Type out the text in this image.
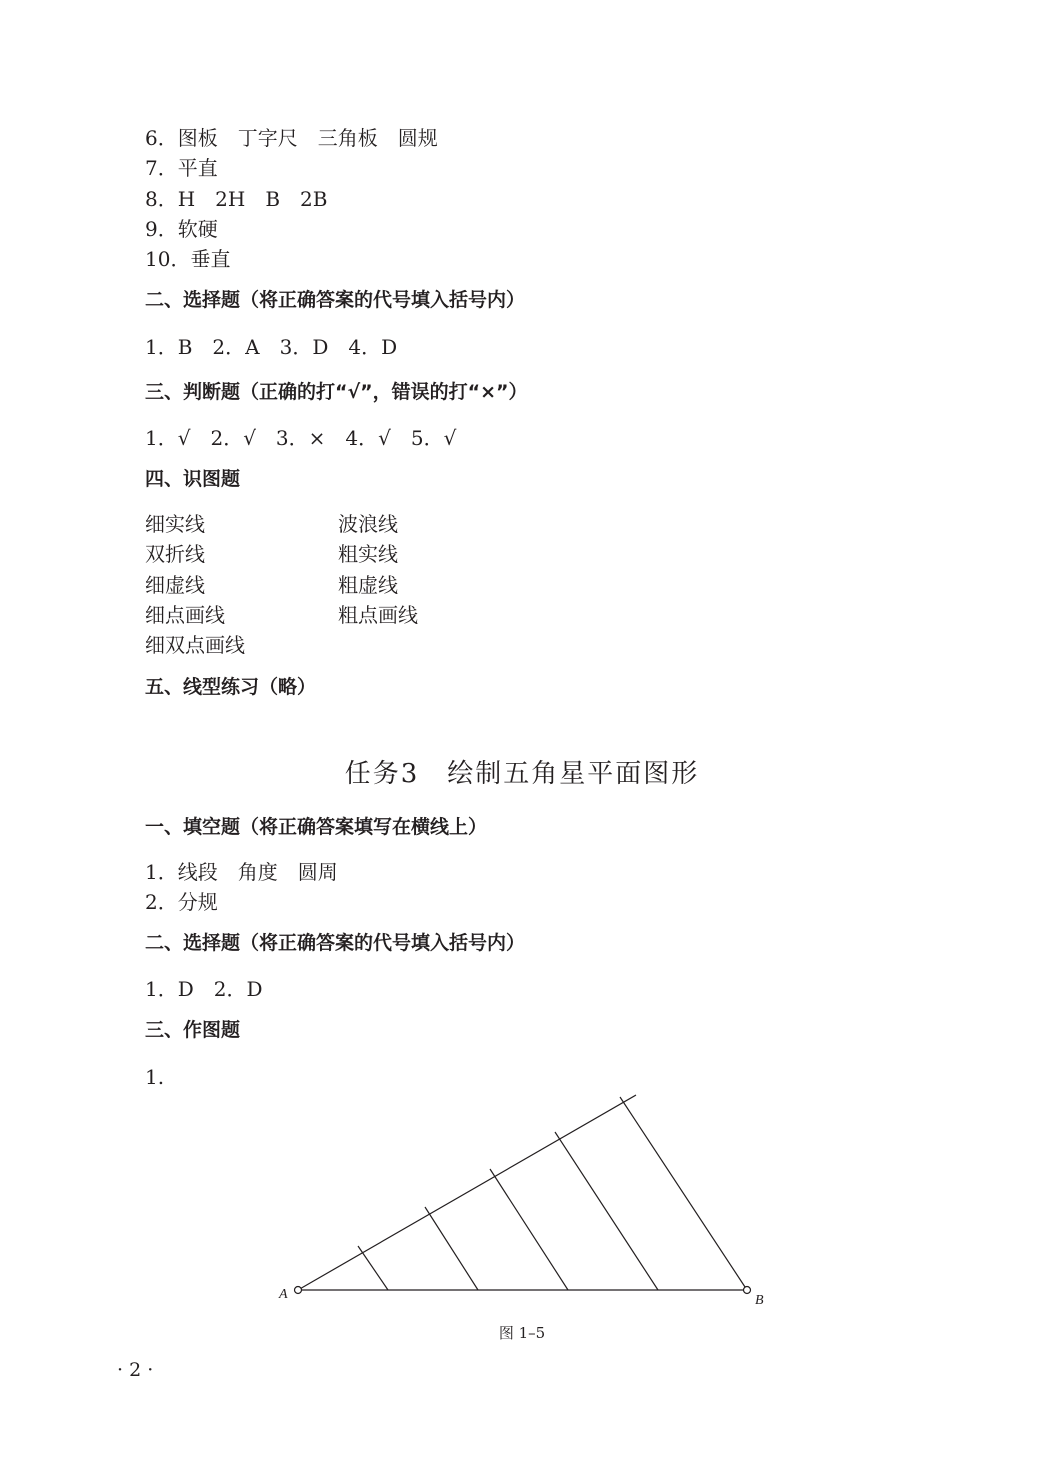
6．图板　丁字尺　三角板　圆规
7．平直
8．H　2H　B　2B
9．软硬
10．垂直
二、选择题（将正确答案的代号填入括号内）
1．B　2．A　3．D　4．D
三、判断题（正确的打“√”，错误的打“×”）
1．√　2．√　3．×　4．√　5．√
四、识图题
细实线
双折线
细虚线
细点画线
细双点画线
波浪线
粗实线
粗虚线
粗点画线
五、线型练习（略）
任务3　绘制五角星平面图形
一、填空题（将正确答案填写在横线上）
1．线段　角度　圆周
2．分规
二、选择题（将正确答案的代号填入括号内）
1．D　2．D
三、作图题
1.
A	B
图 1–5
· 2 ·
